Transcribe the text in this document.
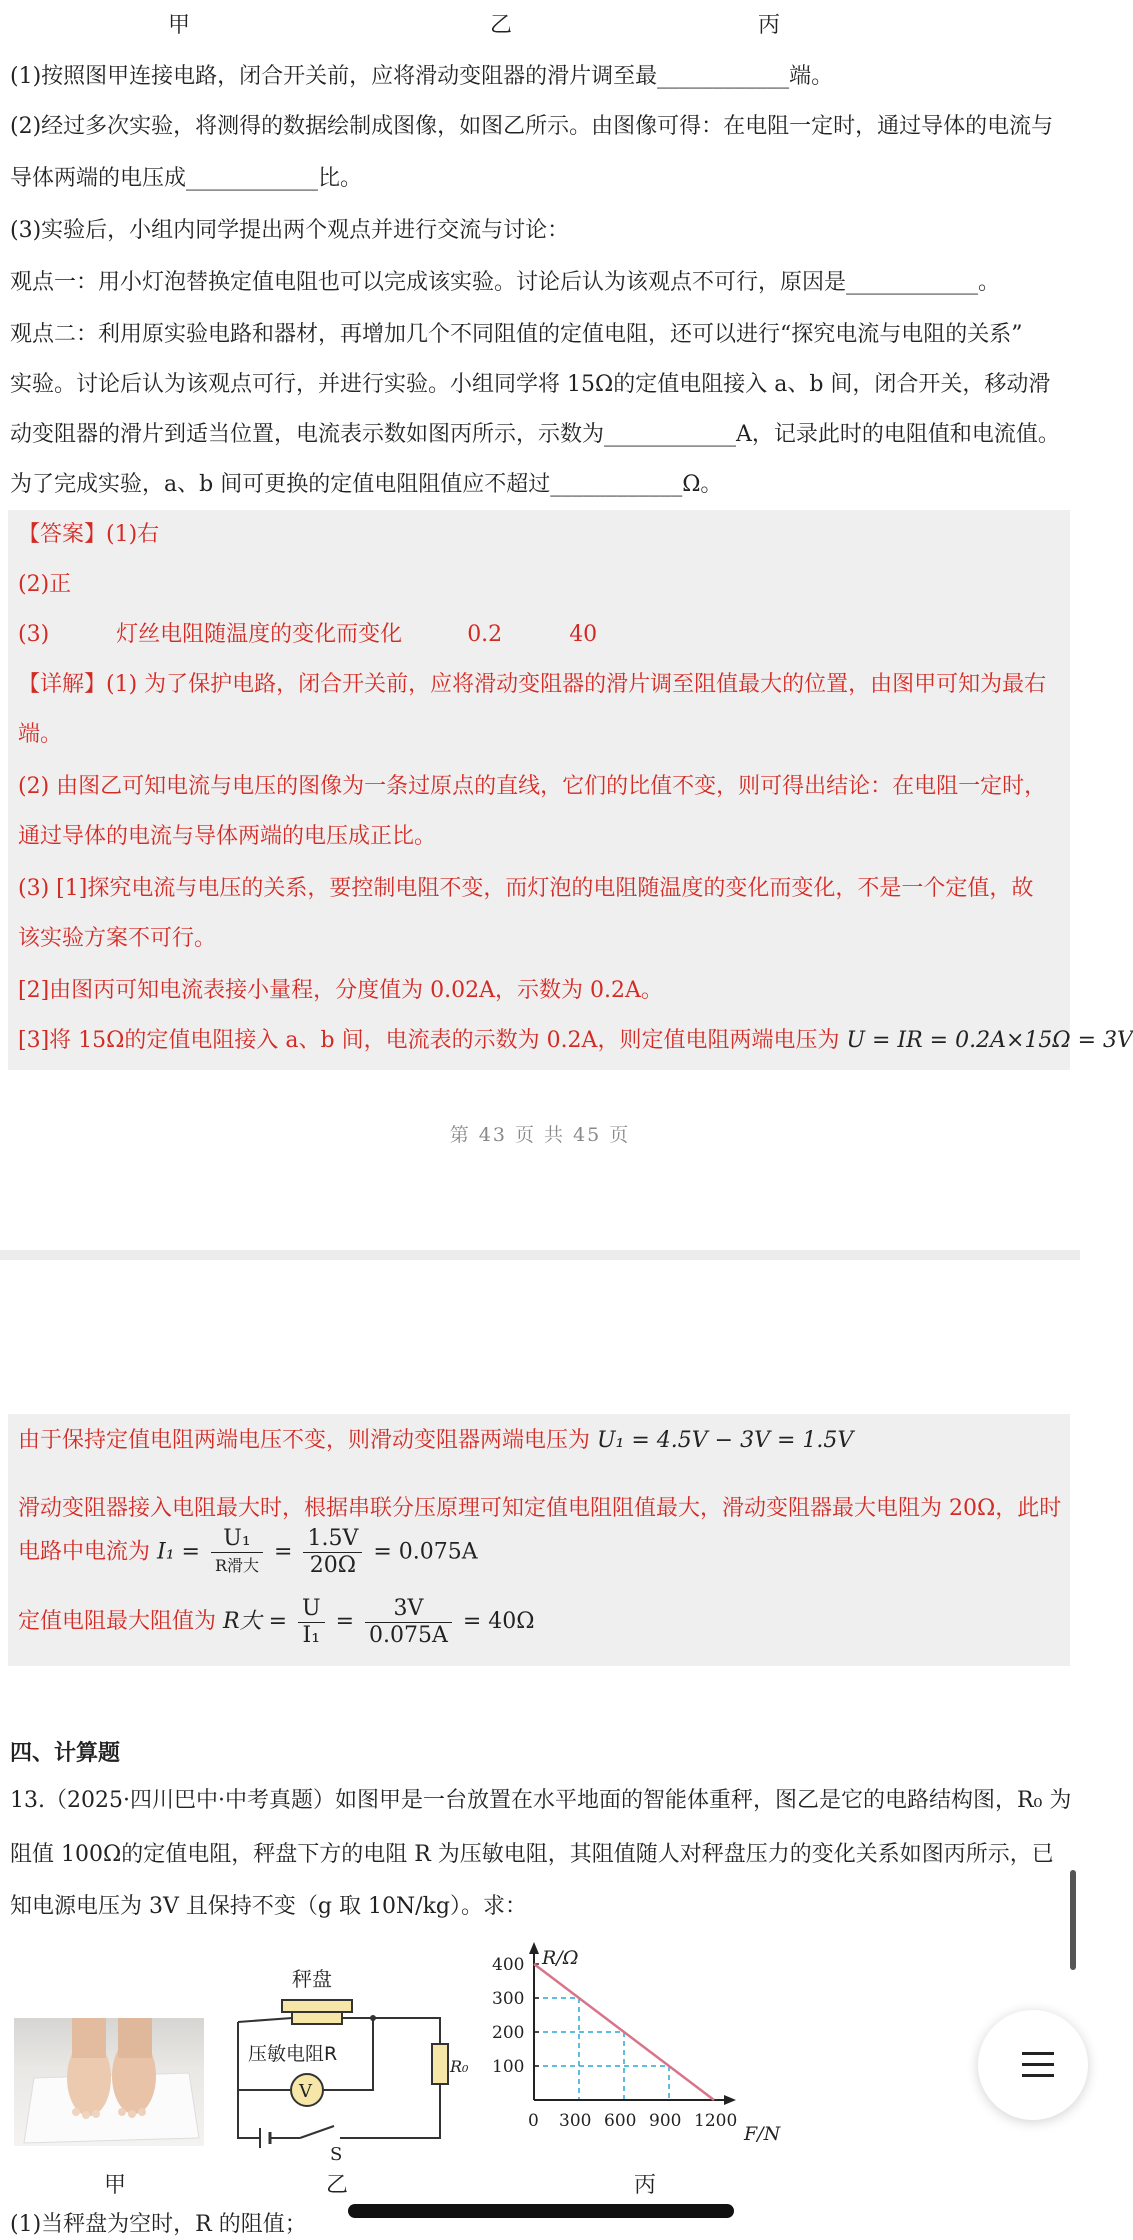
甲	乙	丙
(1)按照图甲连接电路，闭合开关前，应将滑动变阻器的滑片调至最____________端。
(2)经过多次实验，将测得的数据绘制成图像，如图乙所示。由图像可得：在电阻一定时，通过导体的电流与
导体两端的电压成____________比。
(3)实验后，小组内同学提出两个观点并进行交流与讨论：
观点一：用小灯泡替换定值电阻也可以完成该实验。讨论后认为该观点不可行，原因是____________。
观点二：利用原实验电路和器材，再增加几个不同阻值的定值电阻，还可以进行“探究电流与电阻的关系”
实验。讨论后认为该观点可行，并进行实验。小组同学将 15Ω的定值电阻接入 a、b 间，闭合开关，移动滑
动变阻器的滑片到适当位置，电流表示数如图丙所示，示数为____________A，记录此时的电阻值和电流值。
为了完成实验，a、b 间可更换的定值电阻阻值应不超过____________Ω。
【答案】(1)右
(2)正
(3)	灯丝电阻随温度的变化而变化	0.2	40
【详解】(1) 为了保护电路，闭合开关前，应将滑动变阻器的滑片调至阻值最大的位置，由图甲可知为最右
端。
(2) 由图乙可知电流与电压的图像为一条过原点的直线，它们的比值不变，则可得出结论：在电阻一定时，
通过导体的电流与导体两端的电压成正比。
(3) [1]探究电流与电压的关系，要控制电阻不变，而灯泡的电阻随温度的变化而变化，不是一个定值，故
该实验方案不可行。
[2]由图丙可知电流表接小量程，分度值为 0.02A，示数为 0.2A。
[3]将 15Ω的定值电阻接入 a、b 间，电流表的示数为 0.2A，则定值电阻两端电压为 U = IR = 0.2A×15Ω = 3V
第 43 页 共 45 页
由于保持定值电阻两端电压不变，则滑动变阻器两端电压为 U₁ = 4.5V − 3V = 1.5V
滑动变阻器接入电阻最大时，根据串联分压原理可知定值电阻阻值最大，滑动变阻器最大电阻为 20Ω，此时
电路中电流为 $I_1 = \frac{\text{U₁}}{\text{R滑大}} = \frac{1.5V}{20\Omega} = 0.075A$
定值电阻最大阻值为 R大 = $\frac{U}{\text{I₁}} = \frac{3V}{0.075A} = 40\Omega$
四、计算题
13.（2025·四川巴中·中考真题）如图甲是一台放置在水平地面的智能体重秤，图乙是它的电路结构图，R₀ 为
阻值 100Ω的定值电阻，秤盘下方的电阻 R 为压敏电阻，其阻值随人对秤盘压力的变化关系如图丙所示，已
知电源电压为 3V 且保持不变（g 取 10N/kg）。求：
秤盘
S
R₀
压敏电阻R
V
R/Ω
F/N
0 300 600 900 1200
100
200
300
400
甲	乙	丙
(1)当秤盘为空时，R 的阻值；
